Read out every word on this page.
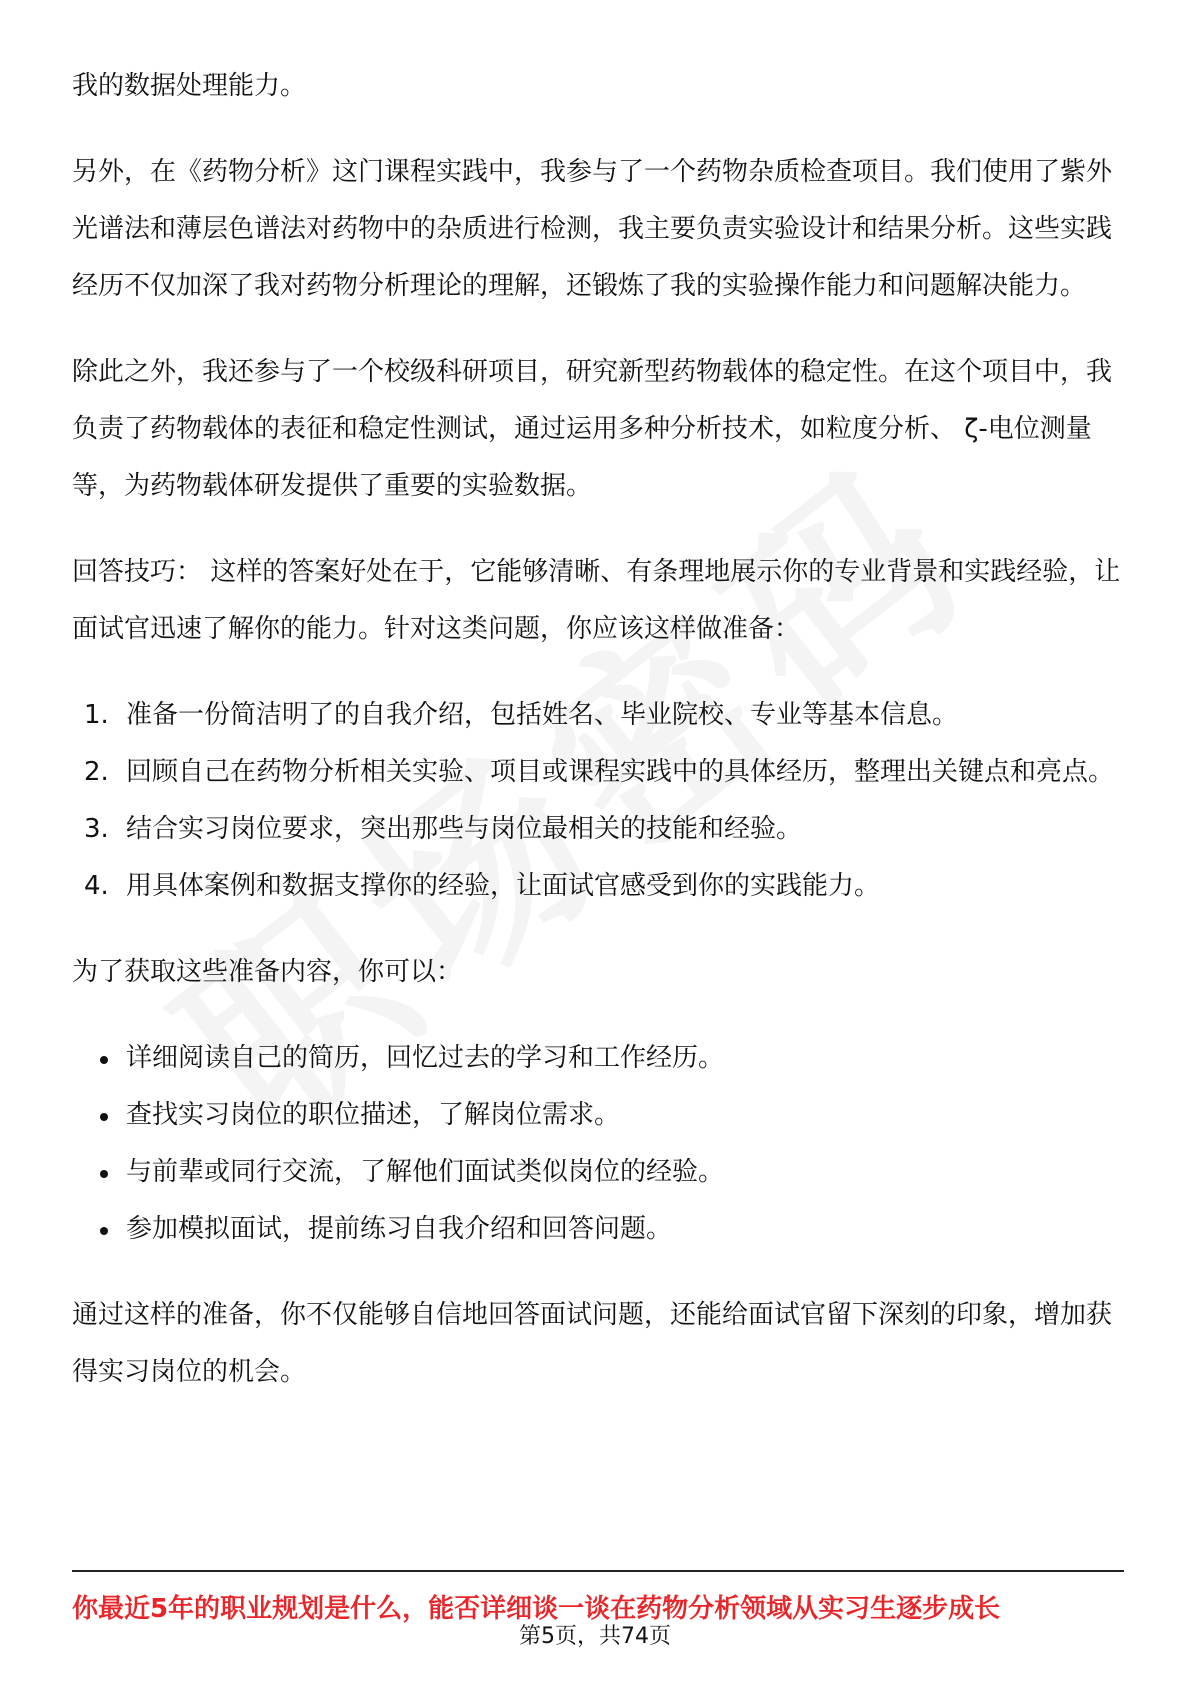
我的数据处理能力。

另外，在《药物分析》这门课程实践中，我参与了一个药物杂质检查项目。我们使用了紫外光谱法和薄层色谱法对药物中的杂质进行检测，我主要负责实验设计和结果分析。这些实践经历不仅加深了我对药物分析理论的理解，还锻炼了我的实验操作能力和问题解决能力。

除此之外，我还参与了一个校级科研项目，研究新型药物载体的稳定性。在这个项目中，我负责了药物载体的表征和稳定性测试，通过运用多种分析技术，如粒度分析、 ζ-电位测量等，为药物载体研发提供了重要的实验数据。

回答技巧： 这样的答案好处在于，它能够清晰、有条理地展示你的专业背景和实践经验，让面试官迅速了解你的能力。针对这类问题，你应该这样做准备：

1. 准备一份简洁明了的自我介绍，包括姓名、毕业院校、专业等基本信息。
2. 回顾自己在药物分析相关实验、项目或课程实践中的具体经历，整理出关键点和亮点。
3. 结合实习岗位要求，突出那些与岗位最相关的技能和经验。
4. 用具体案例和数据支撑你的经验，让面试官感受到你的实践能力。

为了获取这些准备内容，你可以：

详细阅读自己的简历，回忆过去的学习和工作经历。
查找实习岗位的职位描述，了解岗位需求。
与前辈或同行交流，了解他们面试类似岗位的经验。
参加模拟面试，提前练习自我介绍和回答问题。

通过这样的准备，你不仅能够自信地回答面试问题，还能给面试官留下深刻的印象，增加获得实习岗位的机会。

你最近5年的职业规划是什么，能否详细谈一谈在药物分析领域从实习生逐步成长
第5页，共74页
